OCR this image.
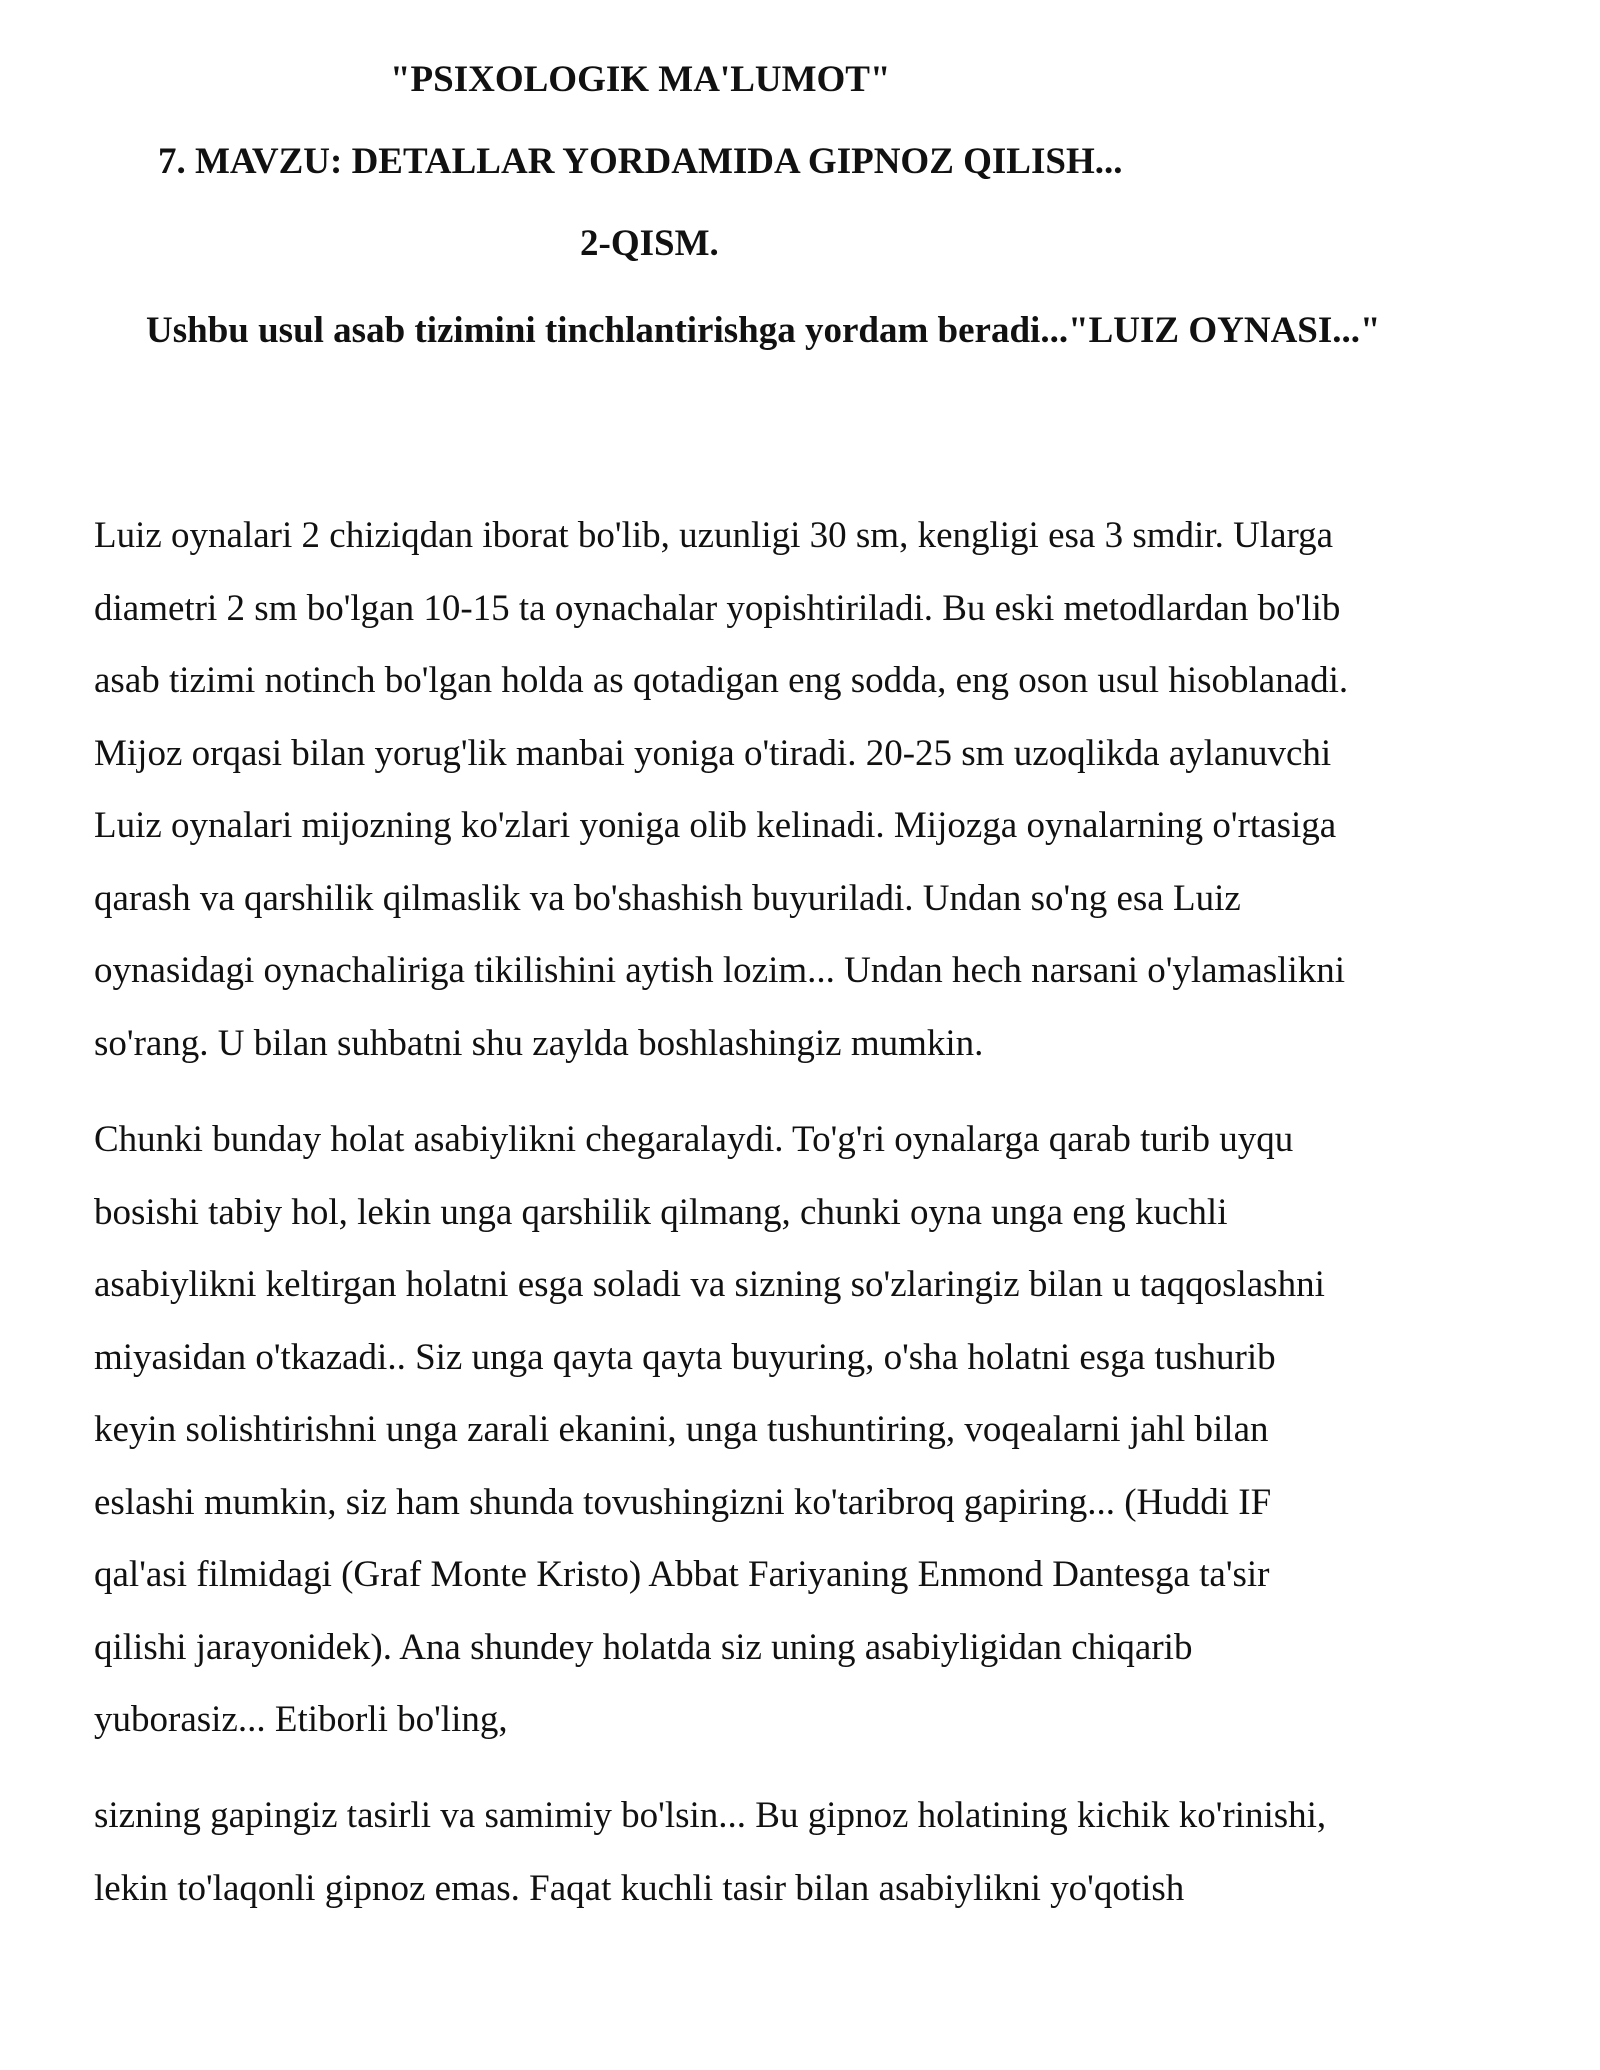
"PSIXOLOGIK MA'LUMOT"
7. MAVZU: DETALLAR YORDAMIDA GIPNOZ QILISH...
2-QISM.
Ushbu usul asab tizimini tinchlantirishga yordam beradi..."LUIZ OYNASI..."

Luiz oynalari 2 chiziqdan iborat bo'lib, uzunligi 30 sm, kengligi esa 3 smdir. Ularga
diametri 2 sm bo'lgan 10-15 ta oynachalar yopishtiriladi. Bu eski metodlardan bo'lib
asab tizimi notinch bo'lgan holda as qotadigan eng sodda, eng oson usul hisoblanadi.
Mijoz orqasi bilan yorug'lik manbai yoniga o'tiradi. 20-25 sm uzoqlikda aylanuvchi
Luiz oynalari mijozning ko'zlari yoniga olib kelinadi. Mijozga oynalarning o'rtasiga
qarash va qarshilik qilmaslik va bo'shashish buyuriladi. Undan so'ng esa Luiz
oynasidagi oynachaliriga tikilishini aytish lozim... Undan hech narsani o'ylamaslikni
so'rang. U bilan suhbatni shu zaylda boshlashingiz mumkin.

Chunki bunday holat asabiylikni chegaralaydi. To'g'ri oynalarga qarab turib uyqu
bosishi tabiy hol, lekin unga qarshilik qilmang, chunki oyna unga eng kuchli
asabiylikni keltirgan holatni esga soladi va sizning so'zlaringiz bilan u taqqoslashni
miyasidan o'tkazadi.. Siz unga qayta qayta buyuring, o'sha holatni esga tushurib
keyin solishtirishni unga zarali ekanini, unga tushuntiring, voqealarni jahl bilan
eslashi mumkin, siz ham shunda tovushingizni ko'taribroq gapiring... (Huddi IF
qal'asi filmidagi (Graf Monte Kristo) Abbat Fariyaning Enmond Dantesga ta'sir
qilishi jarayonidek). Ana shundey holatda siz uning asabiyligidan chiqarib
yuborasiz... Etiborli bo'ling,

sizning gapingiz tasirli va samimiy bo'lsin... Bu gipnoz holatining kichik ko'rinishi,
lekin to'laqonli gipnoz emas. Faqat kuchli tasir bilan asabiylikni yo'qotish
